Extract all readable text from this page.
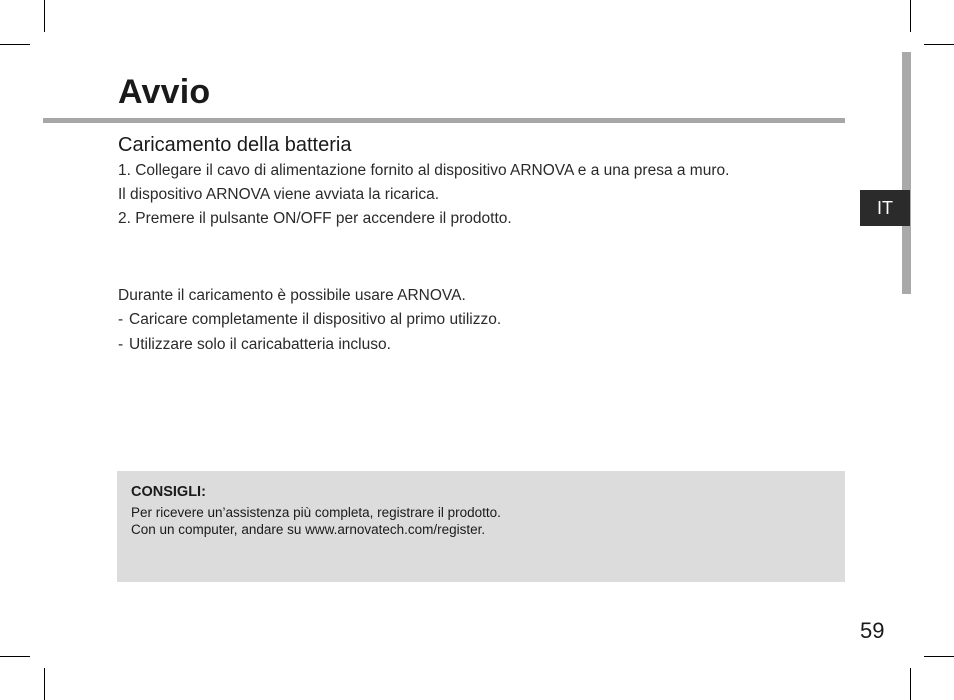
IT
Avvio
Caricamento della batteria
1. Collegare il cavo di alimentazione fornito al dispositivo ARNOVA e a una presa a muro.
Il dispositivo ARNOVA viene avviata la ricarica.
2. Premere il pulsante ON/OFF per accendere il prodotto.
Durante il caricamento è possibile usare ARNOVA.
- Caricare completamente il dispositivo al primo utilizzo.
- Utilizzare solo il caricabatteria incluso.
CONSIGLI:
Per ricevere un’assistenza più completa, registrare il prodotto.
Con un computer, andare su www.arnovatech.com/register.
59
